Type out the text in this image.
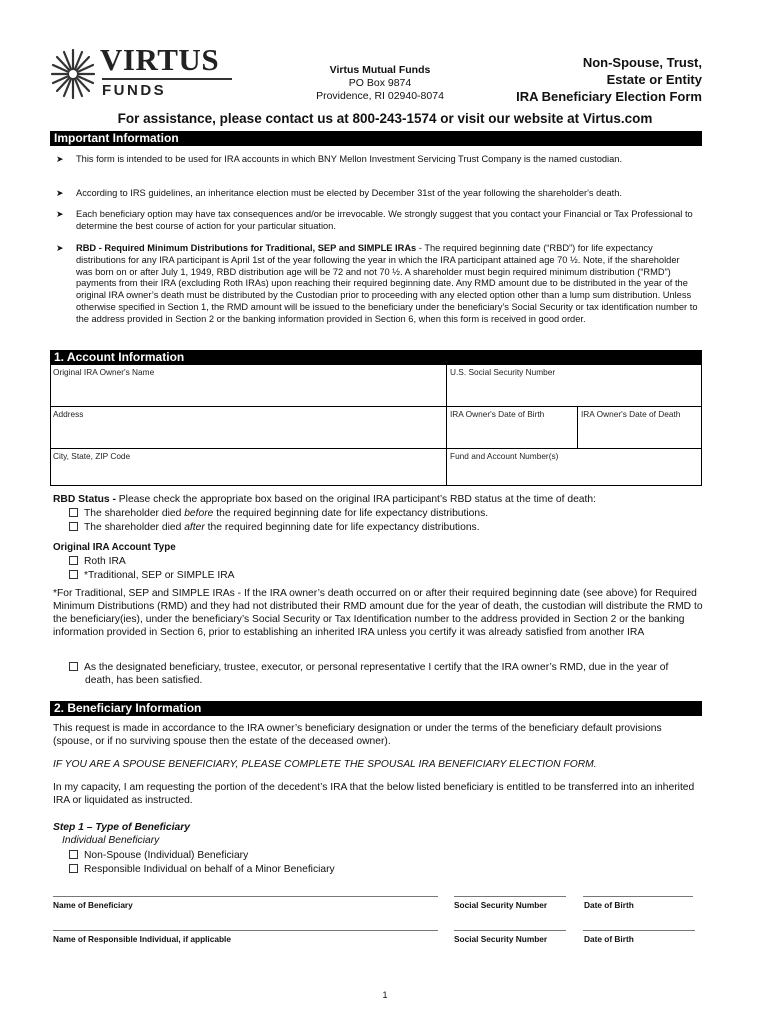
VIRTUS
FUNDS
Virtus Mutual Funds
PO Box 9874
Providence, RI 02940-8074
Non-Spouse, Trust,
Estate or Entity
IRA Beneficiary Election Form
For assistance, please contact us at 800-243-1574 or visit our website at Virtus.com
Important Information
➤ This form is intended to be used for IRA accounts in which BNY Mellon Investment Servicing Trust Company is the named custodian.
➤ According to IRS guidelines, an inheritance election must be elected by December 31st of the year following the shareholder's death.
➤ Each beneficiary option may have tax consequences and/or be irrevocable. We strongly suggest that you contact your Financial or Tax Professional to determine the best course of action for your particular situation.
➤ RBD - Required Minimum Distributions for Traditional, SEP and SIMPLE IRAs - The required beginning date (“RBD”) for life expectancy distributions for any IRA participant is April 1st of the year following the year in which the IRA participant attained age 70 ½. Note, if the shareholder was born on or after July 1, 1949, RBD distribution age will be 72 and not 70 ½. A shareholder must begin required minimum distribution (“RMD”) payments from their IRA (excluding Roth IRAs) upon reaching their required beginning date. Any RMD amount due to be distributed in the year of the original IRA owner’s death must be distributed by the Custodian prior to proceeding with any elected option other than a lump sum distribution. Unless otherwise specified in Section 1, the RMD amount will be issued to the beneficiary under the beneficiary’s Social Security or tax identification number to the address provided in Section 2 or the banking information provided in Section 6, when this form is received in good order.
1. Account Information
Original IRA Owner's Name	U.S. Social Security Number
Address	IRA Owner's Date of Birth	IRA Owner's Date of Death
City, State, ZIP Code	Fund and Account Number(s)
RBD Status - Please check the appropriate box based on the original IRA participant’s RBD status at the time of death:
The shareholder died before the required beginning date for life expectancy distributions.
The shareholder died after the required beginning date for life expectancy distributions.
Original IRA Account Type
Roth IRA
*Traditional, SEP or SIMPLE IRA
*For Traditional, SEP and SIMPLE IRAs - If the IRA owner’s death occurred on or after their required beginning date (see above) for Required Minimum Distributions (RMD) and they had not distributed their RMD amount due for the year of death, the custodian will distribute the RMD to the beneficiary(ies), under the beneficiary’s Social Security or Tax Identification number to the address provided in Section 2 or the banking information provided in Section 6, prior to establishing an inherited IRA unless you certify it was already satisfied from another IRA
As the designated beneficiary, trustee, executor, or personal representative I certify that the IRA owner’s RMD, due in the year of death, has been satisfied.
2. Beneficiary Information
This request is made in accordance to the IRA owner’s beneficiary designation or under the terms of the beneficiary default provisions (spouse, or if no surviving spouse then the estate of the deceased owner).
IF YOU ARE A SPOUSE BENEFICIARY, PLEASE COMPLETE THE SPOUSAL IRA BENEFICIARY ELECTION FORM.
In my capacity, I am requesting the portion of the decedent’s IRA that the below listed beneficiary is entitled to be transferred into an inherited IRA or liquidated as instructed.
Step 1 – Type of Beneficiary
Individual Beneficiary
Non-Spouse (Individual) Beneficiary
Responsible Individual on behalf of a Minor Beneficiary
Name of Beneficiary	Social Security Number	Date of Birth
Name of Responsible Individual, if applicable	Social Security Number	Date of Birth
1
